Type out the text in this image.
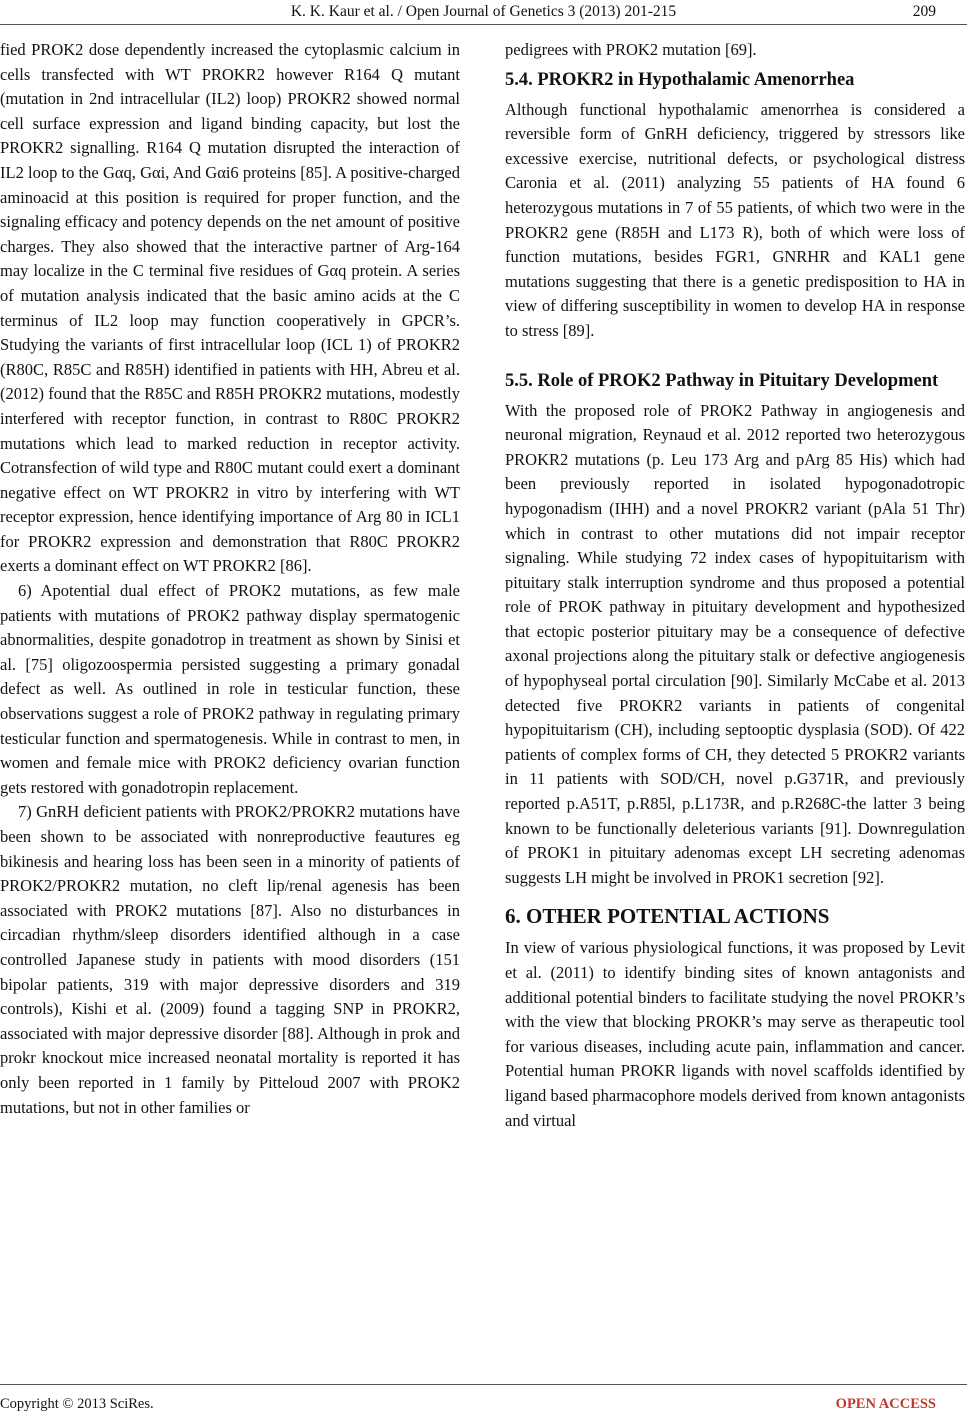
K. K. Kaur et al. / Open Journal of Genetics 3 (2013) 201-215	209

fied PROK2 dose dependently increased the cytoplasmic calcium in cells transfected with WT PROKR2 however R164 Q mutant (mutation in 2nd intracellular (IL2) loop) PROKR2 showed normal cell surface expression and ligand binding capacity, but lost the PROKR2 signalling. R164 Q mutation disrupted the interaction of IL2 loop to the Gαq, Gαi, And Gαi6 proteins [85]. A positive-charged aminoacid at this position is required for proper function, and the signaling efficacy and potency depends on the net amount of positive charges. They also showed that the interactive partner of Arg-164 may localize in the C terminal five residues of Gαq protein. A series of mutation analysis indicated that the basic amino acids at the C terminus of IL2 loop may function cooperatively in GPCR’s. Studying the variants of first intracellular loop (ICL 1) of PROKR2 (R80C, R85C and R85H) identified in patients with HH, Abreu et al. (2012) found that the R85C and R85H PROKR2 mutations, modestly interfered with receptor function, in contrast to R80C PROKR2 mutations which lead to marked reduction in receptor activity. Cotransfection of wild type and R80C mutant could exert a dominant negative effect on WT PROKR2 in vitro by interfering with WT receptor expression, hence identifying importance of Arg 80 in ICL1 for PROKR2 expression and demonstration that R80C PROKR2 exerts a dominant effect on WT PROKR2 [86].

6) Apotential dual effect of PROK2 mutations, as few male patients with mutations of PROK2 pathway display spermatogenic abnormalities, despite gonadotrop in treatment as shown by Sinisi et al. [75] oligozoospermia persisted suggesting a primary gonadal defect as well. As outlined in role in testicular function, these observations suggest a role of PROK2 pathway in regulating primary testicular function and spermatogenesis. While in contrast to men, in women and female mice with PROK2 deficiency ovarian function gets restored with gonadotropin replacement.

7) GnRH deficient patients with PROK2/PROKR2 mutations have been shown to be associated with nonreproductive feautures eg bikinesis and hearing loss has been seen in a minority of patients of PROK2/PROKR2 mutation, no cleft lip/renal agenesis has been associated with PROK2 mutations [87]. Also no disturbances in circadian rhythm/sleep disorders identified although in a case controlled Japanese study in patients with mood disorders (151 bipolar patients, 319 with major depressive disorders and 319 controls), Kishi et al. (2009) found a tagging SNP in PROKR2, associated with major depressive disorder [88]. Although in prok and prokr knockout mice increased neonatal mortality is reported it has only been reported in 1 family by Pitteloud 2007 with PROK2 mutations, but not in other families or

pedigrees with PROK2 mutation [69].

5.4. PROKR2 in Hypothalamic Amenorrhea

Although functional hypothalamic amenorrhea is considered a reversible form of GnRH deficiency, triggered by stressors like excessive exercise, nutritional defects, or psychological distress Caronia et al. (2011) analyzing 55 patients of HA found 6 heterozygous mutations in 7 of 55 patients, of which two were in the PROKR2 gene (R85H and L173 R), both of which were loss of function mutations, besides FGR1, GNRHR and KAL1 gene mutations suggesting that there is a genetic predisposition to HA in view of differing susceptibility in women to develop HA in response to stress [89].

5.5. Role of PROK2 Pathway in Pituitary Development

With the proposed role of PROK2 Pathway in angiogenesis and neuronal migration, Reynaud et al. 2012 reported two heterozygous PROKR2 mutations (p. Leu 173 Arg and pArg 85 His) which had been previously reported in isolated hypogonadotropic hypogonadism (IHH) and a novel PROKR2 variant (pAla 51 Thr) which in contrast to other mutations did not impair receptor signaling. While studying 72 index cases of hypopituitarism with pituitary stalk interruption syndrome and thus proposed a potential role of PROK pathway in pituitary development and hypothesized that ectopic posterior pituitary may be a consequence of defective axonal projections along the pituitary stalk or defective angiogenesis of hypophyseal portal circulation [90]. Similarly McCabe et al. 2013 detected five PROKR2 variants in patients of congenital hypopituitarism (CH), including septooptic dysplasia (SOD). Of 422 patients of complex forms of CH, they detected 5 PROKR2 variants in 11 patients with SOD/CH, novel p.G371R, and previously reported p.A51T, p.R85l, p.L173R, and p.R268C-the latter 3 being known to be functionally deleterious variants [91]. Downregulation of PROK1 in pituitary adenomas except LH secreting adenomas suggests LH might be involved in PROK1 secretion [92].

6. OTHER POTENTIAL ACTIONS

In view of various physiological functions, it was proposed by Levit et al. (2011) to identify binding sites of known antagonists and additional potential binders to facilitate studying the novel PROKR’s with the view that blocking PROKR’s may serve as therapeutic tool for various diseases, including acute pain, inflammation and cancer. Potential human PROKR ligands with novel scaffolds identified by ligand based pharmacophore models derived from known antagonists and virtual

Copyright © 2013 SciRes.	OPEN ACCESS
